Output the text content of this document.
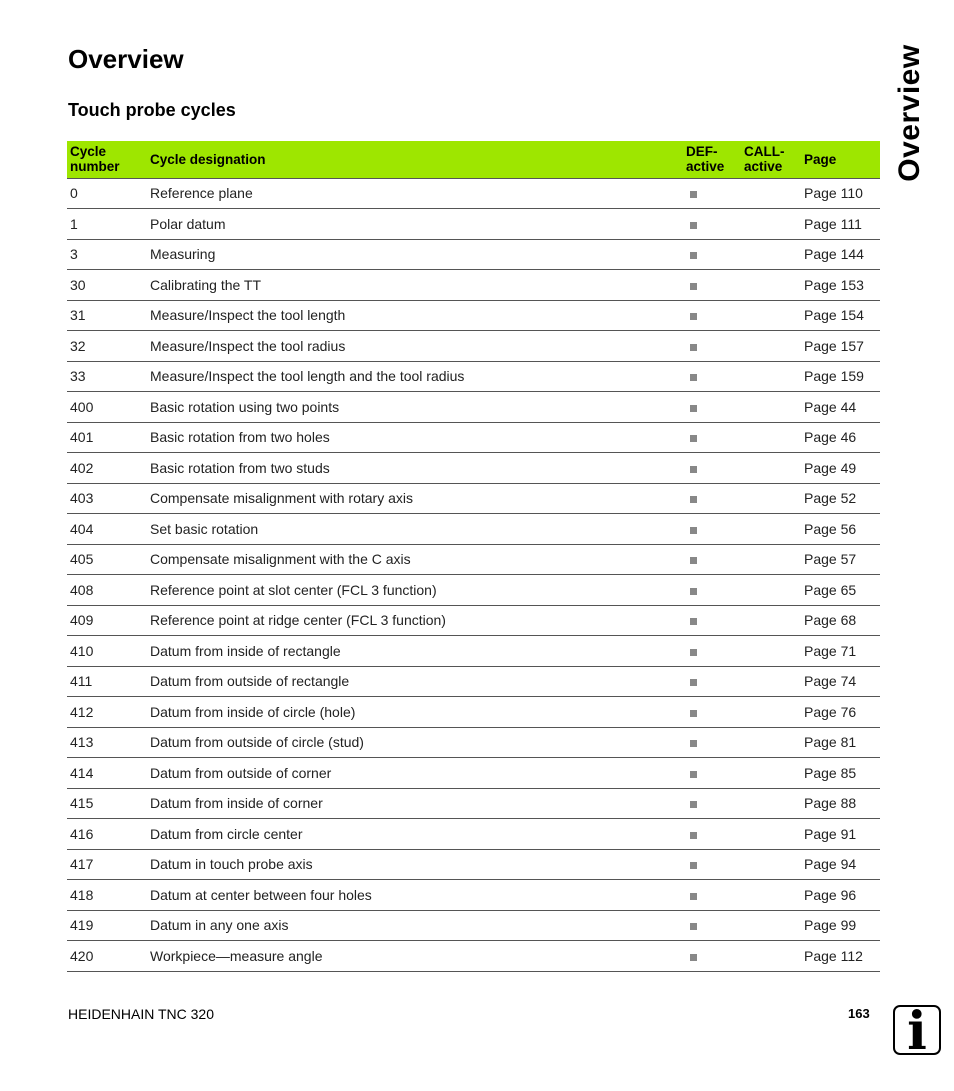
Overview
Touch probe cycles	Overview
Cycle number	Cycle designation	DEF-active	CALL-active	Page
0	Reference plane			Page 110
1	Polar datum			Page 111
3	Measuring			Page 144
30	Calibrating the TT			Page 153
31	Measure/Inspect the tool length			Page 154
32	Measure/Inspect the tool radius			Page 157
33	Measure/Inspect the tool length and the tool radius			Page 159
400	Basic rotation using two points			Page 44
401	Basic rotation from two holes			Page 46
402	Basic rotation from two studs			Page 49
403	Compensate misalignment with rotary axis			Page 52
404	Set basic rotation			Page 56
405	Compensate misalignment with the C axis			Page 57
408	Reference point at slot center (FCL 3 function)			Page 65
409	Reference point at ridge center (FCL 3 function)			Page 68
410	Datum from inside of rectangle			Page 71
411	Datum from outside of rectangle			Page 74
412	Datum from inside of circle (hole)			Page 76
413	Datum from outside of circle (stud)			Page 81
414	Datum from outside of corner			Page 85
415	Datum from inside of corner			Page 88
416	Datum from circle center			Page 91
417	Datum in touch probe axis			Page 94
418	Datum at center between four holes			Page 96
419	Datum in any one axis			Page 99
420	Workpiece—measure angle			Page 112
HEIDENHAIN TNC 320	163 i
